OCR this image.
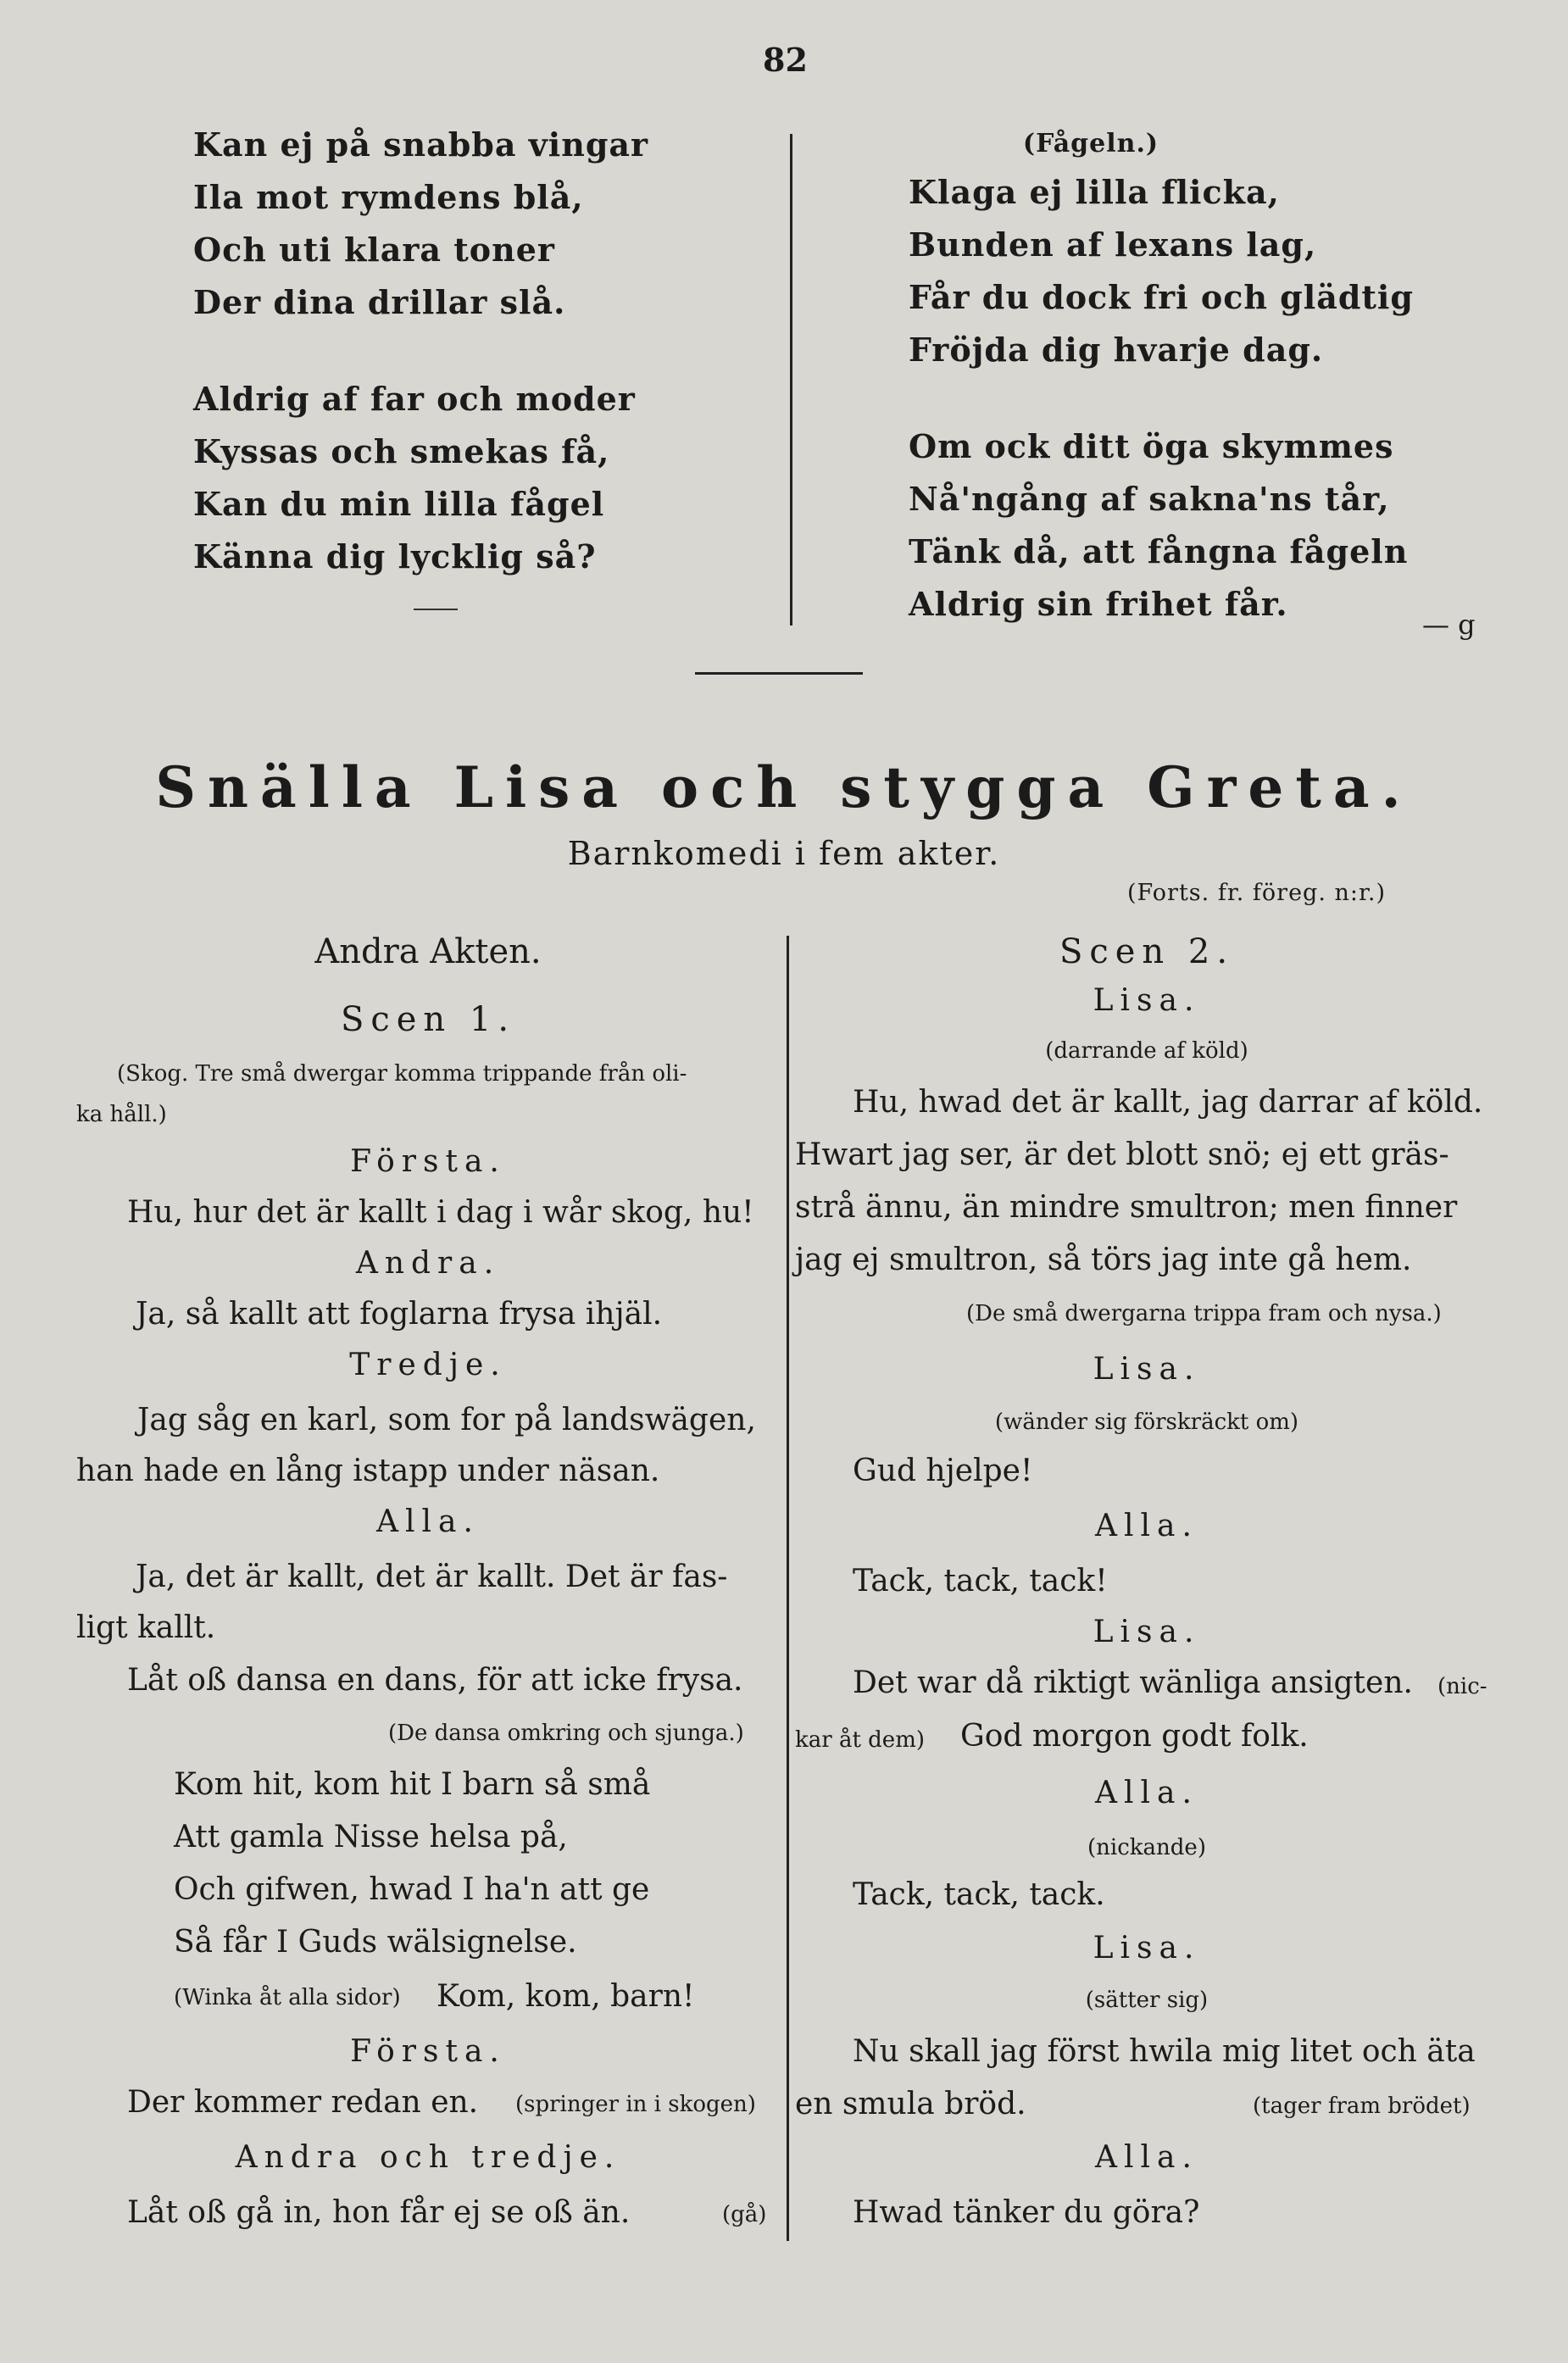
82
Kan ej på snabba vingar
Ila mot rymdens blå,
Och uti klara toner
Der dina drillar slå.
Aldrig af far och moder
Kyssas och smekas få,
Kan du min lilla fågel
Känna dig lycklig så?
(Fågeln.)
Klaga ej lilla flicka,
Bunden af lexans lag,
Får du dock fri och glädtig
Fröjda dig hvarje dag.
Om ock ditt öga skymmes
Nå'ngång af sakna'ns tår,
Tänk då, att fångna fågeln
Aldrig sin frihet får.
— g
Snälla Lisa och stygga Greta.
Barnkomedi i fem akter.
(Forts. fr. föreg. n:r.)
Andra Akten.
Scen 1.
(Skog. Tre små dwergar komma trippande från oli-
ka håll.)
Första.
Hu, hur det är kallt i dag i wår skog, hu!
Andra.
Ja, så kallt att foglarna frysa ihjäl.
Tredje.
Jag såg en karl, som for på landswägen,
han hade en lång istapp under näsan.
Alla.
Ja, det är kallt, det är kallt. Det är fas-
ligt kallt.
Låt oß dansa en dans, för att icke frysa.
(De dansa omkring och sjunga.)
Kom hit, kom hit I barn så små
Att gamla Nisse helsa på,
Och gifwen, hwad I ha'n att ge
Så får I Guds wälsignelse.
(Winka åt alla sidor) Kom, kom, barn!
Första.
Der kommer redan en. (springer in i skogen)
Andra och tredje.
Låt oß gå in, hon får ej se oß än.	(gå)
Scen 2.
Lisa.
(darrande af köld)
Hu, hwad det är kallt, jag darrar af köld.
Hwart jag ser, är det blott snö; ej ett gräs-
strå ännu, än mindre smultron; men finner
jag ej smultron, så törs jag inte gå hem.
(De små dwergarna trippa fram och nysa.)
Lisa.
(wänder sig förskräckt om)
Gud hjelpe!
Alla.
Tack, tack, tack!
Lisa.
Det war då riktigt wänliga ansigten. (nic-
kar åt dem) God morgon godt folk.
Alla.
(nickande)
Tack, tack, tack.
Lisa.
(sätter sig)
Nu skall jag först hwila mig litet och äta
en smula bröd.	(tager fram brödet)
Alla.
Hwad tänker du göra?
